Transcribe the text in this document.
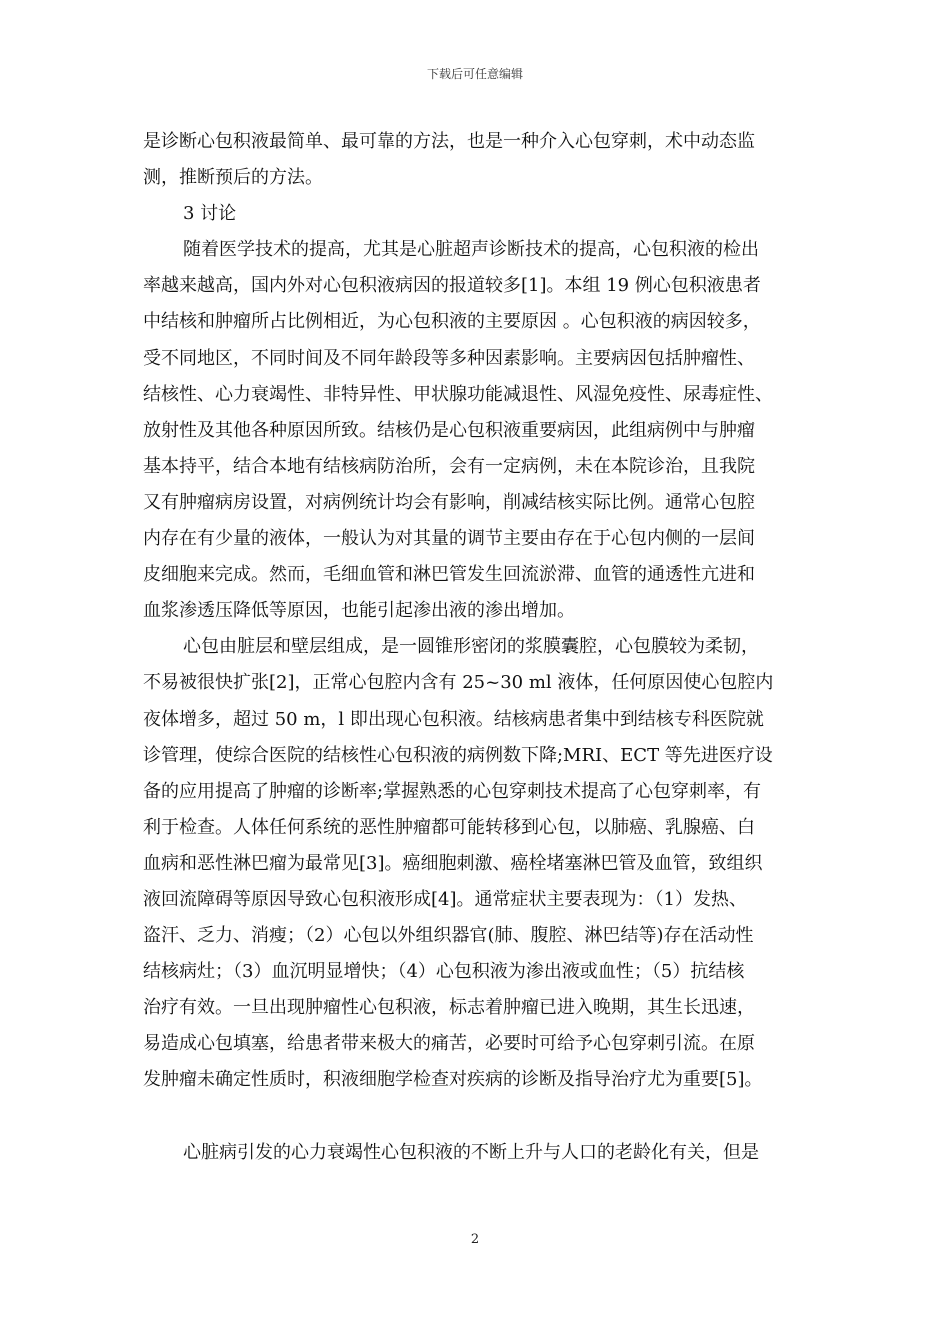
下载后可任意编辑
是诊断心包积液最简单、最可靠的方法，也是一种介入心包穿刺，术中动态监
测，推断预后的方法。
3 讨论
随着医学技术的提高，尤其是心脏超声诊断技术的提高，心包积液的检出
率越来越高，国内外对心包积液病因的报道较多[1]。本组 19 例心包积液患者
中结核和肿瘤所占比例相近，为心包积液的主要原因 。心包积液的病因较多，
受不同地区，不同时间及不同年龄段等多种因素影响。主要病因包括肿瘤性、
结核性、心力衰竭性、非特异性、甲状腺功能减退性、风湿免疫性、尿毒症性、
放射性及其他各种原因所致。结核仍是心包积液重要病因，此组病例中与肿瘤
基本持平，结合本地有结核病防治所，会有一定病例，未在本院诊治，且我院
又有肿瘤病房设置，对病例统计均会有影响，削减结核实际比例。通常心包腔
内存在有少量的液体，一般认为对其量的调节主要由存在于心包内侧的一层间
皮细胞来完成。然而，毛细血管和淋巴管发生回流淤滞、血管的通透性亢进和
血浆渗透压降低等原因，也能引起渗出液的渗出增加。
心包由脏层和壁层组成，是一圆锥形密闭的浆膜囊腔，心包膜较为柔韧，
不易被很快扩张[2]，正常心包腔内含有 25~30 ml 液体，任何原因使心包腔内
夜体增多，超过 50 m，l 即出现心包积液。结核病患者集中到结核专科医院就
诊管理，使综合医院的结核性心包积液的病例数下降;MRI、ECT 等先进医疗设
备的应用提高了肿瘤的诊断率;掌握熟悉的心包穿刺技术提高了心包穿刺率，有
利于检查。人体任何系统的恶性肿瘤都可能转移到心包，以肺癌、乳腺癌、白
血病和恶性淋巴瘤为最常见[3]。癌细胞刺激、癌栓堵塞淋巴管及血管，致组织
液回流障碍等原因导致心包积液形成[4]。通常症状主要表现为：（1）发热、
盗汗、乏力、消瘦；（2）心包以外组织器官(肺、腹腔、淋巴结等)存在活动性
结核病灶；（3）血沉明显增快；（4）心包积液为渗出液或血性；（5）抗结核
治疗有效。一旦出现肿瘤性心包积液，标志着肿瘤已进入晚期，其生长迅速，
易造成心包填塞，给患者带来极大的痛苦，必要时可给予心包穿刺引流。在原
发肿瘤未确定性质时，积液细胞学检查对疾病的诊断及指导治疗尤为重要[5]。
心脏病引发的心力衰竭性心包积液的不断上升与人口的老龄化有关，但是
2
